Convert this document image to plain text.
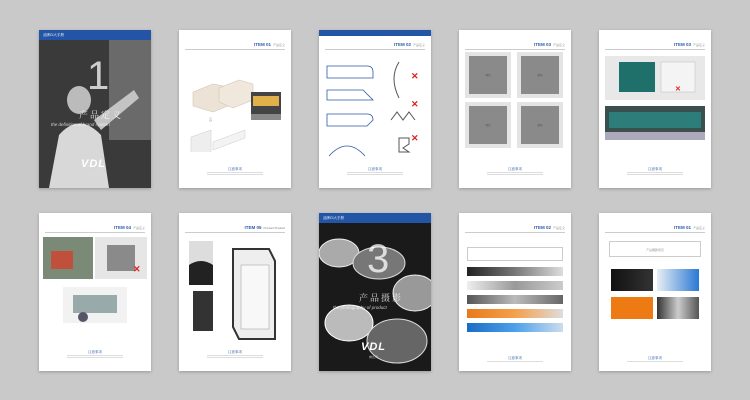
品牌CI大手册
1
产品定义
the definition of brand system
VDL
佛达利
ITEM 01 产品定义
⇩
注意事项
ITEM 02 产品定义
✕
✕
✕
注意事项
ITEM 03 产品定义
规范	规范
规范	规范
注意事项
ITEM 03 产品定义
✕
注意事项
ITEM 04 产品定义
✕
注意事项
ITEM 05 Product Product
注意事项
品牌CI大手册
3
产品摄影
the photography of product
VDL
佛达利
ITEM 02 产品定义
注意事项
ITEM 01 产品定义
产品摄影规范
注意事项
